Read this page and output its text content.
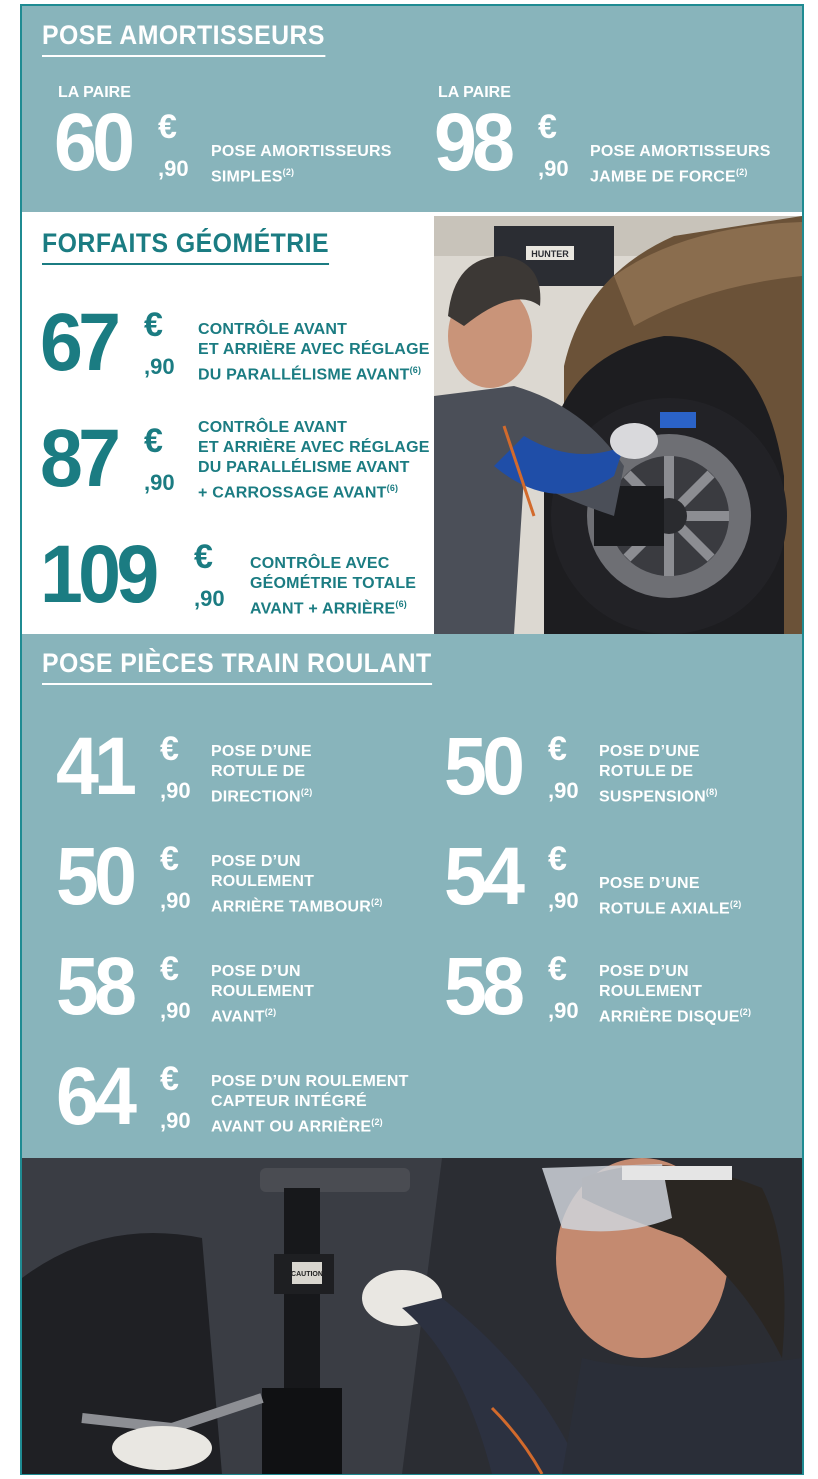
POSE AMORTISSEURS
LA PAIRE
60 €
,90
POSE AMORTISSEURS
SIMPLES$^{(2)}$
LA PAIRE
98 €
,90
POSE AMORTISSEURS
JAMBE DE FORCE$^{(2)}$
FORFAITS GÉOMÉTRIE
67 €
,90
CONTRÔLE AVANT
ET ARRIÈRE AVEC RÉGLAGE
DU PARALLÉLISME AVANT$^{(6)}$
87 €
,90
CONTRÔLE AVANT
ET ARRIÈRE AVEC RÉGLAGE
DU PARALLÉLISME AVANT
+ CARROSSAGE AVANT$^{(6)}$
109 €
,90
CONTRÔLE AVEC
GÉOMÉTRIE TOTALE
AVANT + $ARRIÈRE^{(6)}$
HUNTER
POSE PIÈCES TRAIN ROULANT
41 €
,90
POSE D’UNE
ROTULE DE
DIRECTION$^{(2)}$ 50 €
,90
POSE D’UNE
ROTULE DE
SUSPENSION$^{(8)}$
50 €
,90
POSE D’UN
ROULEMENT
ARRIÈRE TAMBOUR$^{(2)}$ 54 €
,90
POSE D’UNE
ROTULE AXIALE$^{(2)}$
58 €
,90
POSE D’UN
ROULEMENT
AVANT$^{(2)}$	58 €
,90
POSE D’UN
ROULEMENT
ARRIÈRE DISQUE$^{(2)}$
64 €
,90
POSE D’UN ROULEMENT
CAPTEUR INTÉGRÉ
AVANT OU ARRIÈRE$^{(2)}$
CAUTION
